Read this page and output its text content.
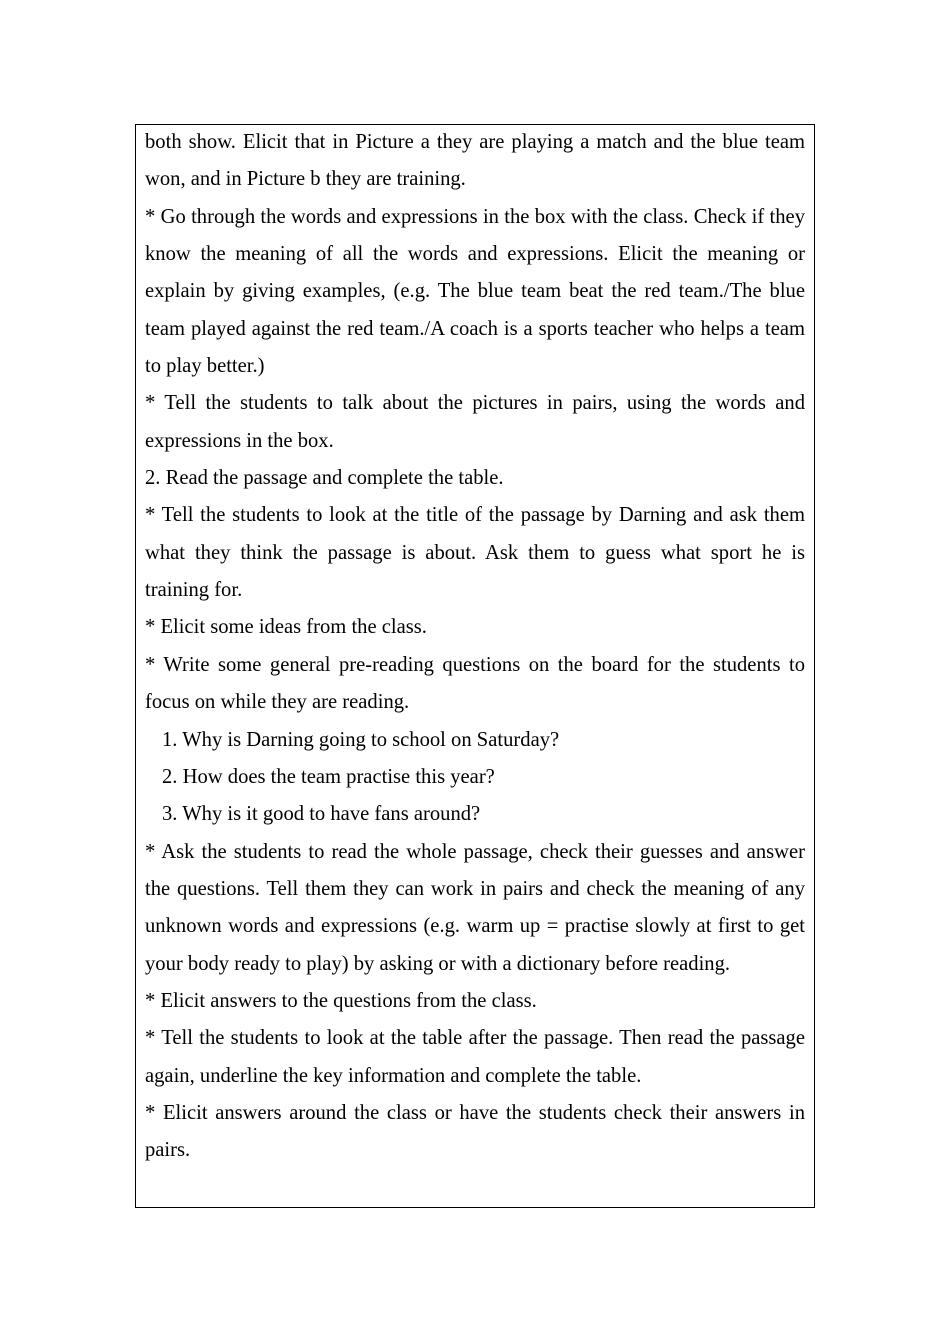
both show. Elicit that in Picture a they are playing a match and the blue team won, and in Picture b they are training.

* Go through the words and expressions in the box with the class. Check if they know the meaning of all the words and expressions. Elicit the meaning or explain by giving examples, (e.g. The blue team beat the red team./The blue team played against the red team./A coach is a sports teacher who helps a team to play better.)

* Tell the students to talk about the pictures in pairs, using the words and expressions in the box.

2. Read the passage and complete the table.

* Tell the students to look at the title of the passage by Darning and ask them what they think the passage is about. Ask them to guess what sport he is training for.

* Elicit some ideas from the class.

* Write some general pre-reading questions on the board for the students to focus on while they are reading.

1. Why is Darning going to school on Saturday?

2. How does the team practise this year?

3. Why is it good to have fans around?

* Ask the students to read the whole passage, check their guesses and answer the questions. Tell them they can work in pairs and check the meaning of any unknown words and expressions (e.g. warm up = practise slowly at first to get your body ready to play) by asking or with a dictionary before reading.

* Elicit answers to the questions from the class.

* Tell the students to look at the table after the passage. Then read the passage again, underline the key information and complete the table.

* Elicit answers around the class or have the students check their answers in pairs.
